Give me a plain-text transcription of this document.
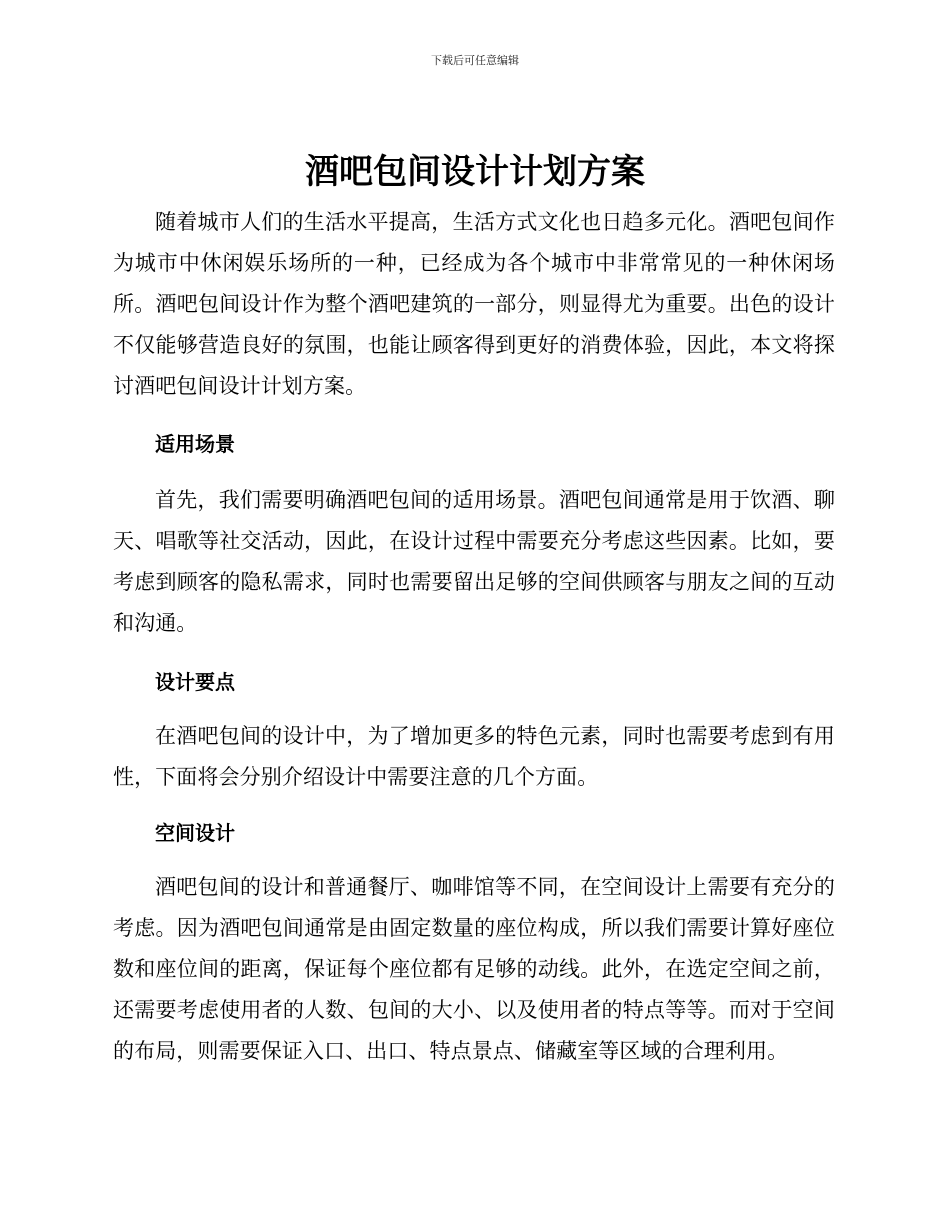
下载后可任意编辑
酒吧包间设计计划方案

随着城市人们的生活水平提高，生活方式文化也日趋多元化。酒吧包间作为城市中休闲娱乐场所的一种，已经成为各个城市中非常常见的一种休闲场所。酒吧包间设计作为整个酒吧建筑的一部分，则显得尤为重要。出色的设计不仅能够营造良好的氛围，也能让顾客得到更好的消费体验，因此，本文将探讨酒吧包间设计计划方案。

适用场景

首先，我们需要明确酒吧包间的适用场景。酒吧包间通常是用于饮酒、聊天、唱歌等社交活动，因此，在设计过程中需要充分考虑这些因素。比如，要考虑到顾客的隐私需求，同时也需要留出足够的空间供顾客与朋友之间的互动和沟通。

设计要点

在酒吧包间的设计中，为了增加更多的特色元素，同时也需要考虑到有用性，下面将会分别介绍设计中需要注意的几个方面。

空间设计

酒吧包间的设计和普通餐厅、咖啡馆等不同，在空间设计上需要有充分的考虑。因为酒吧包间通常是由固定数量的座位构成，所以我们需要计算好座位数和座位间的距离，保证每个座位都有足够的动线。此外，在选定空间之前，还需要考虑使用者的人数、包间的大小、以及使用者的特点等等。而对于空间的布局，则需要保证入口、出口、特点景点、储藏室等区域的合理利用。
